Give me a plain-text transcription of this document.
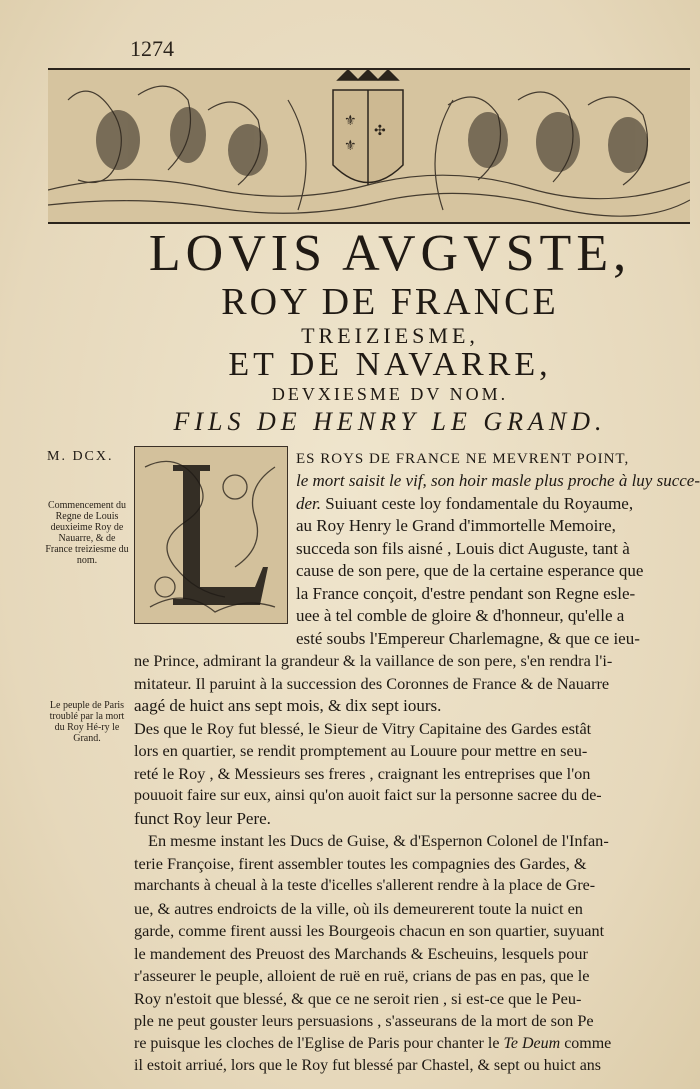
1274
⚜
⚜
✣
LOVIS AVGVSTE,
ROY DE FRANCE
TREIZIESME,
ET DE NAVARRE,
DEVXIESME DV NOM.
FILS DE HENRY LE GRAND.
M. DCX.
Commencement du Regne de Louis deuxieime Roy de Nauarre, & de France treiziesme du nom.
Le peuple de Paris troublé par la mort du Roy Hé-ry le Grand.
ES ROYS DE FRANCE NE MEVRENT POINT,
le mort saisit le vif, son hoir masle plus proche à luy succe-
der. Suiuant ceste loy fondamentale du Royaume,
au Roy Henry le Grand d'immortelle Memoire,
succeda son fils aisné , Louis dict Auguste, tant à
cause de son pere, que de la certaine esperance que
la France conçoit, d'estre pendant son Regne esle-
uee à tel comble de gloire & d'honneur, qu'elle a
esté soubs l'Empereur Charlemagne, & que ce ieu-
ne Prince, admirant la grandeur & la vaillance de son pere, s'en rendra l'i-
mitateur. Il paruint à la succession des Coronnes de France & de Nauarre
aagé de huict ans sept mois, & dix sept iours.
Des que le Roy fut blessé, le Sieur de Vitry Capitaine des Gardes estât
lors en quartier, se rendit promptement au Louure pour mettre en seu-
reté le Roy , & Messieurs ses freres , craignant les entreprises que l'on
pouuoit faire sur eux, ainsi qu'on auoit faict sur la personne sacree du de-
funct Roy leur Pere.
En mesme instant les Ducs de Guise, & d'Espernon Colonel de l'Infan-
terie Françoise, firent assembler toutes les compagnies des Gardes, &
marchants à cheual à la teste d'icelles s'allerent rendre à la place de Gre-
ue, & autres endroicts de la ville, où ils demeurerent toute la nuict en
garde, comme firent aussi les Bourgeois chacun en son quartier, suyuant
le mandement des Preuost des Marchands & Escheuins, lesquels pour
r'asseurer le peuple, alloient de ruë en ruë, crians de pas en pas, que le
Roy n'estoit que blessé, & que ce ne seroit rien , si est-ce que le Peu-
ple ne peut gouster leurs persuasions , s'asseurans de la mort de son Pe
re puisque les cloches de l'Eglise de Paris pour chanter le Te Deum comme
il estoit arriué, lors que le Roy fut blessé par Chastel, & sept ou huict ans
